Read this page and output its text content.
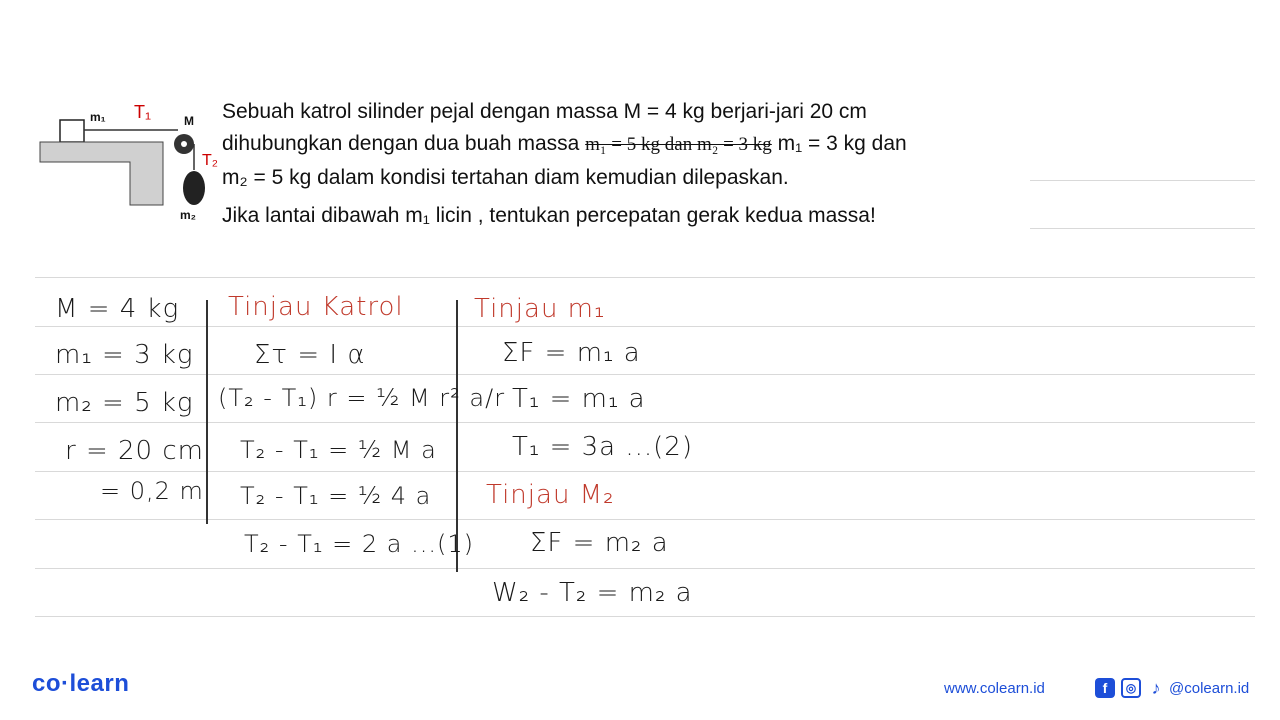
m₁ T₁	M
T₂
m₂
Sebuah katrol silinder pejal dengan massa M = 4 kg berjari-jari 20 cm
dihubungkan dengan dua buah massa m₁ = 5 kg dan m₂ = 3 kg m₁ = 3 kg dan
m₂ = 5 kg dalam kondisi tertahan diam kemudian dilepaskan.
Jika lantai dibawah m₁ licin , tentukan percepatan gerak kedua massa!
M = 4 kg
m₁ = 3 kg
m₂ = 5 kg
r = 20 cm
= 0,2 m
Tinjau Katrol
Στ = I α
(T₂ - T₁) r = ½ M r² a/r
T₂ - T₁ = ½ M a
T₂ - T₁ = ½ 4 a
T₂ - T₁ = 2 a ...(1)
Tinjau m₁
ΣF = m₁ a
T₁ = m₁ a
T₁ = 3a ...(2)
Tinjau M₂
ΣF = m₂ a
W₂ - T₂ = m₂ a
co·learn	www.colearn.id	f	◎ ♪ @colearn.id
